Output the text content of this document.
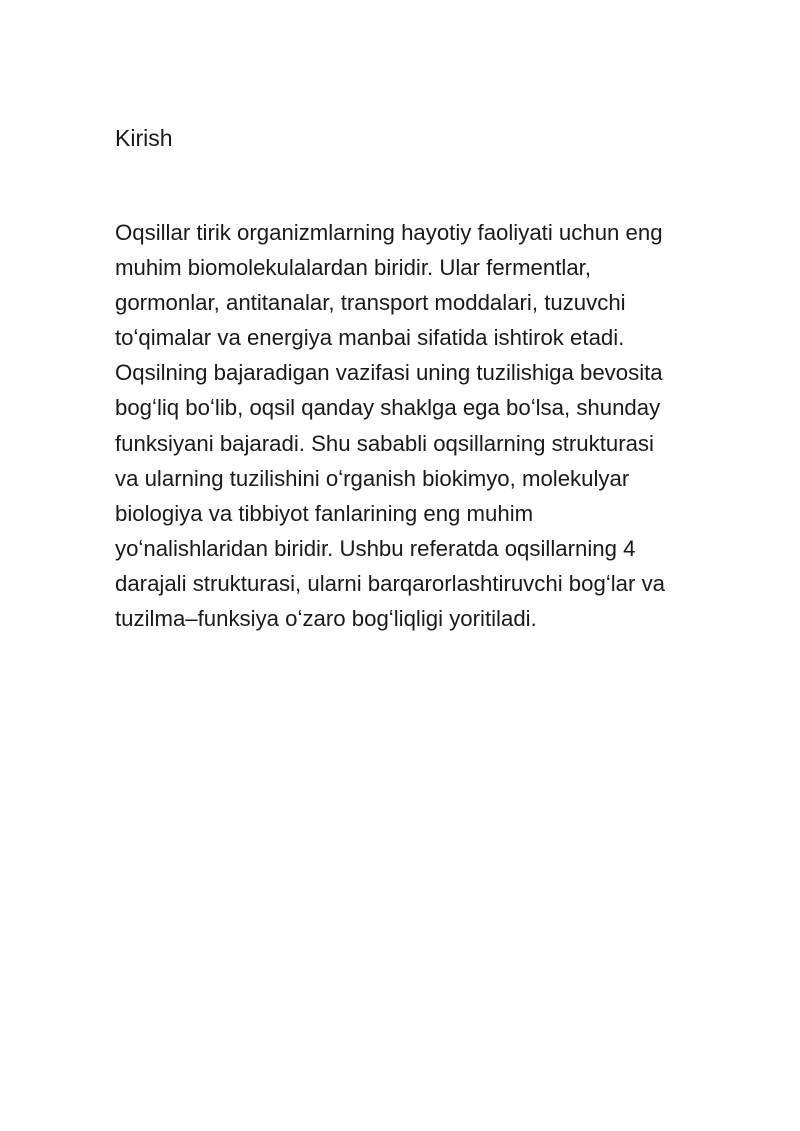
Kirish

Oqsillar tirik organizmlarning hayotiy faoliyati uchun eng
muhim biomolekulalardan biridir. Ular fermentlar,
gormonlar, antitanalar, transport moddalari, tuzuvchi
toʻqimalar va energiya manbai sifatida ishtirok etadi.
Oqsilning bajaradigan vazifasi uning tuzilishiga bevosita
bogʻliq boʻlib, oqsil qanday shaklga ega boʻlsa, shunday
funksiyani bajaradi. Shu sababli oqsillarning strukturasi
va ularning tuzilishini oʻrganish biokimyo, molekulyar
biologiya va tibbiyot fanlarining eng muhim
yoʻnalishlaridan biridir. Ushbu referatda oqsillarning 4
darajali strukturasi, ularni barqarorlashtiruvchi bogʻlar va
tuzilma–funksiya oʻzaro bogʻliqligi yoritiladi.
